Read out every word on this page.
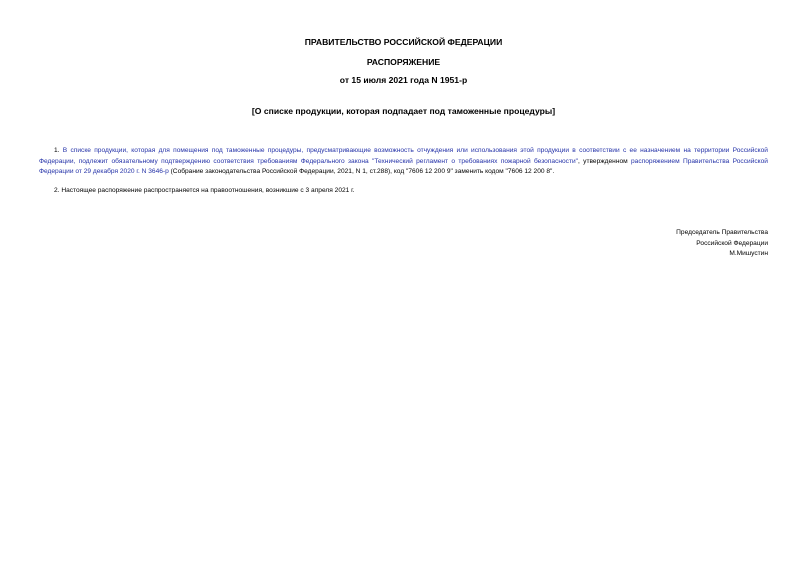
ПРАВИТЕЛЬСТВО РОССИЙСКОЙ ФЕДЕРАЦИИ
РАСПОРЯЖЕНИЕ
от 15 июля 2021 года N 1951-р
[О списке продукции, которая подпадает под таможенные процедуры]
1. В списке продукции, которая для помещения под таможенные процедуры, предусматривающие возможность отчуждения или использования этой продукции в соответствии с ее назначением на территории Российской Федерации, подлежит обязательному подтверждению соответствия требованиям Федерального закона "Технический регламент о требованиях пожарной безопасности", утвержденном распоряжением Правительства Российской Федерации от 29 декабря 2020 г. N 3646-р (Собрание законодательства Российской Федерации, 2021, N 1, ст.288), код "7606 12 200 9" заменить кодом "7606 12 200 8".
2. Настоящее распоряжение распространяется на правоотношения, возникшие с 3 апреля 2021 г.
Председатель Правительства
Российской Федерации
М.Мишустин
